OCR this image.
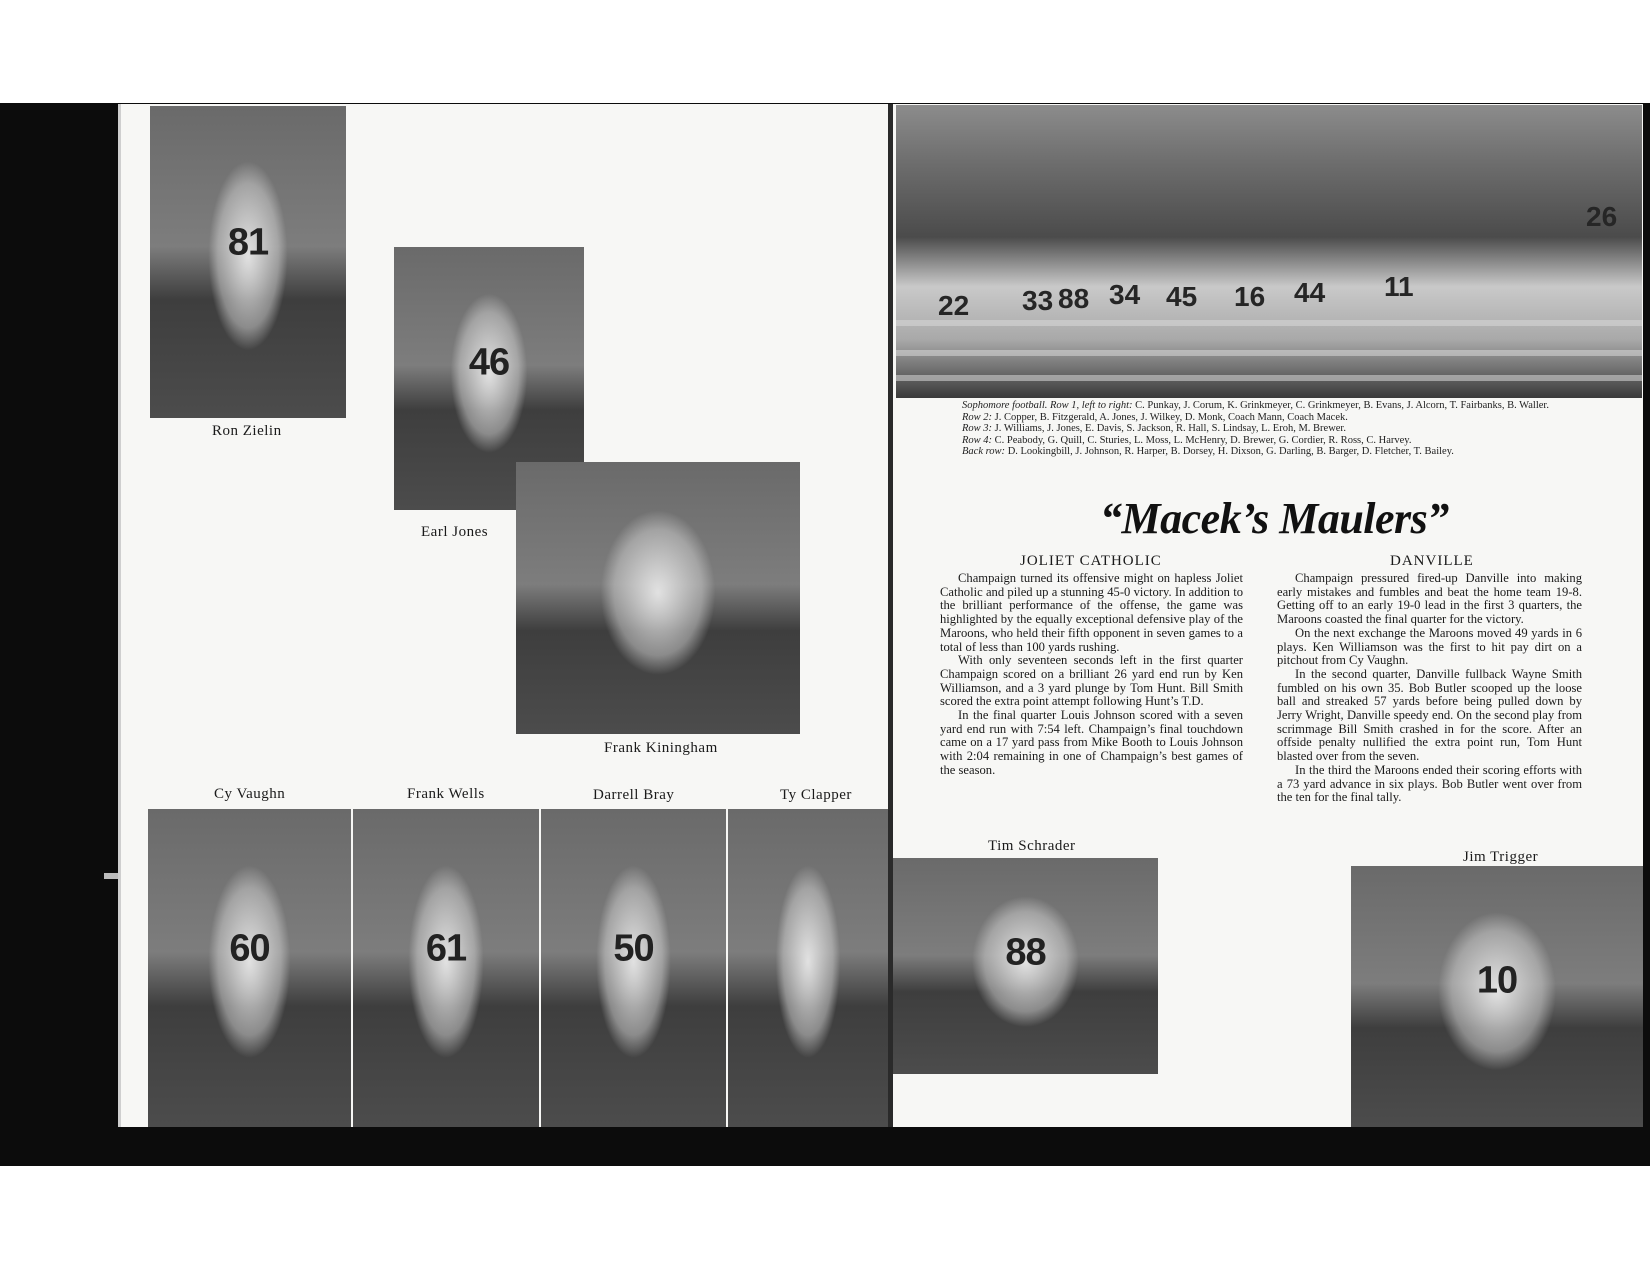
81
Ron Zielin
46
Earl Jones
Frank Kiningham
Cy Vaughn	Frank Wells	Darrell Bray	Ty Clapper
60	61	50
22 33 88 34 45 16 44 11
26
Sophomore football. Row 1, left to right: C. Punkay, J. Corum, K. Grinkmeyer, C. Grinkmeyer, B. Evans, J. Alcorn, T. Fairbanks, B. Waller.
Row 2: J. Copper, B. Fitzgerald, A. Jones, J. Wilkey, D. Monk, Coach Mann, Coach Macek.
Row 3: J. Williams, J. Jones, E. Davis, S. Jackson, R. Hall, S. Lindsay, L. Eroh, M. Brewer.
Row 4: C. Peabody, G. Quill, C. Sturies, L. Moss, L. McHenry, D. Brewer, G. Cordier, R. Ross, C. Harvey.
Back row: D. Lookingbill, J. Johnson, R. Harper, B. Dorsey, H. Dixson, G. Darling, B. Barger, D. Fletcher, T. Bailey.
“Macek’s Maulers”
JOLIET CATHOLIC

Champaign turned its offensive might on hapless Joliet Catholic and piled up a stunning 45-0 victory. In addition to the brilliant performance of the offense, the game was highlighted by the equally exceptional defensive play of the Maroons, who held their fifth opponent in seven games to a total of less than 100 yards rushing.

With only seventeen seconds left in the first quarter Champaign scored on a brilliant 26 yard end run by Ken Williamson, and a 3 yard plunge by Tom Hunt. Bill Smith scored the extra point attempt following Hunt’s T.D.

In the final quarter Louis Johnson scored with a seven yard end run with 7:54 left. Champaign’s final touchdown came on a 17 yard pass from Mike Booth to Louis Johnson with 2:04 remaining in one of Champaign’s best games of the season.

DANVILLE

Champaign pressured fired-up Danville into making early mistakes and fumbles and beat the home team 19-8. Getting off to an early 19-0 lead in the first 3 quarters, the Maroons coasted the final quarter for the victory.

On the next exchange the Maroons moved 49 yards in 6 plays. Ken Williamson was the first to hit pay dirt on a pitchout from Cy Vaughn.

In the second quarter, Danville fullback Wayne Smith fumbled on his own 35. Bob Butler scooped up the loose ball and streaked 57 yards before being pulled down by Jerry Wright, Danville speedy end. On the second play from scrimmage Bill Smith crashed in for the score. After an offside penalty nullified the extra point run, Tom Hunt blasted over from the seven.

In the third the Maroons ended their scoring efforts with a 73 yard advance in six plays. Bob Butler went over from the ten for the final tally.

Tim Schrader
88
Jim Trigger
10
